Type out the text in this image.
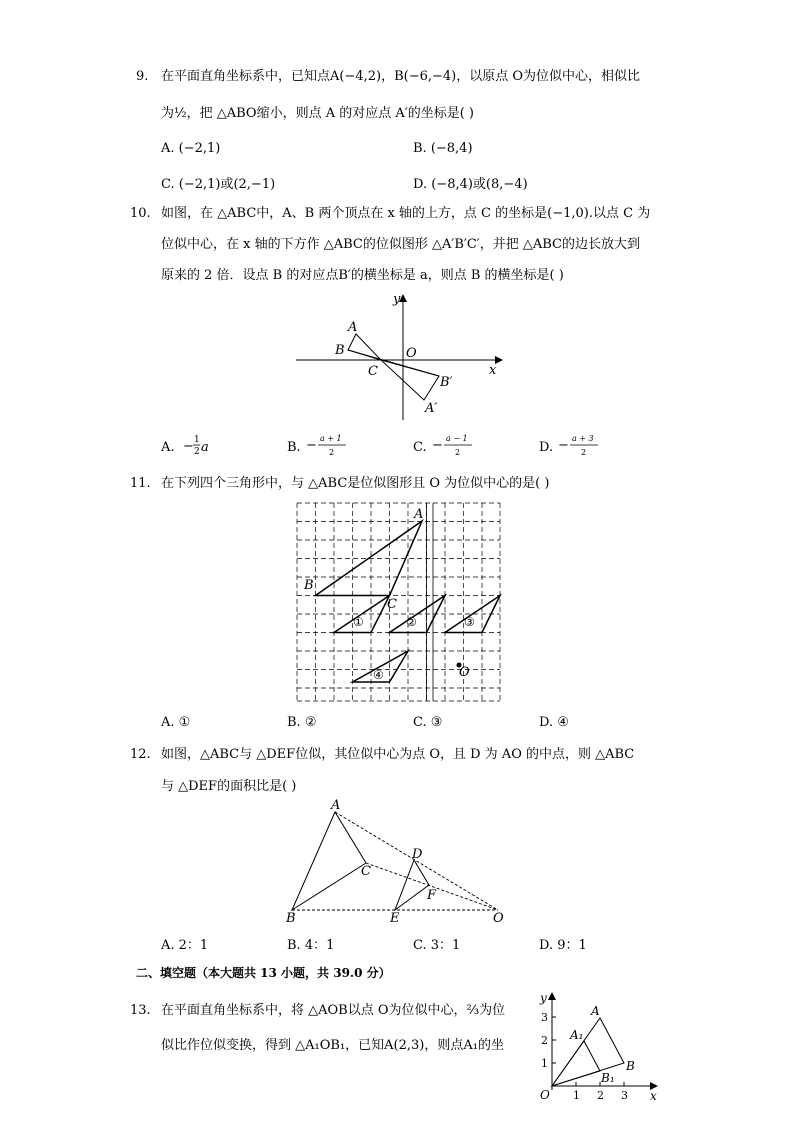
9. 在平面直角坐标系中，已知点A(−4,2)，B(−6,−4)，以原点 O为位似中心，相似比
为½，把 △ABO缩小，则点 A 的对应点 A′的坐标是( )
A. (−2,1)	B. (−8,4)
C. (−2,1)或(2,−1)	D. (−8,4)或(8,−4)
10. 如图，在 △ABC中，A、B 两个顶点在 x 轴的上方，点 C 的坐标是(−1,0).以点 C 为
位似中心，在 x 轴的下方作 △ABC的位似图形 △A′B′C′，并把 △ABC的边长放大到
原来的 2 倍．设点 B 的对应点B′的横坐标是 a，则点 B 的横坐标是( )
y
A
B	O
C	x
B′
A′
A. − 1
2 a	B. − a + 1
2	C. − a − 1
2	D. − a + 3
2
11. 在下列四个三角形中，与 △ABC是位似图形且 O 为位似中心的是( )
A
B
C
O
①	②	③
④
A. ①	B. ②	C. ③	D. ④
12. 如图，△ABC与 △DEF位似，其位似中心为点 O，且 D 为 AO 的中点，则 △ABC
与 △DEF的面积比是( )
A
B
C
D
E
F
O
A. 2：1	B. 4：1	C. 3：1	D. 9：1
二、填空题（本大题共 13 小题，共 39.0 分）
13. 在平面直角坐标系中，将 △AOB以点 O为位似中心，⅔为位
似比作位似变换，得到 △A₁OB₁，已知A(2,3)，则点A₁的坐
y
x
O 1 2 3
1
2
3	A
A₁
B
B₁
